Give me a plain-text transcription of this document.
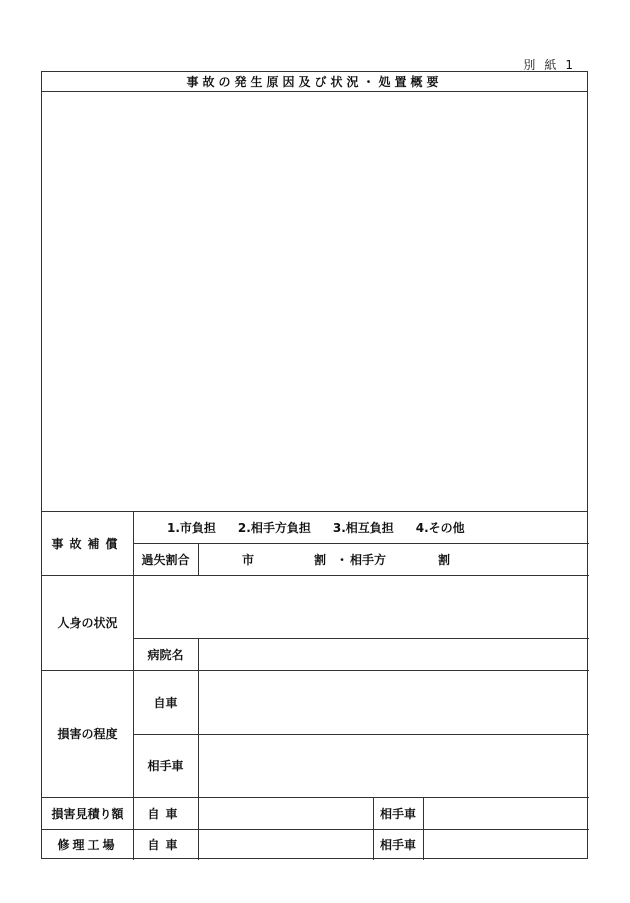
別紙1
事故の発生原因及び状況・処置概要
事故補償
1.市負担 2.相手方負担 3.相互負担 4.その他
過失割合	市	割 ・ 相手方	割
人身の状況
病院名
損害の程度
自車
相手車
損害見積り額	自車	相手車
修理工場	自車	相手車
